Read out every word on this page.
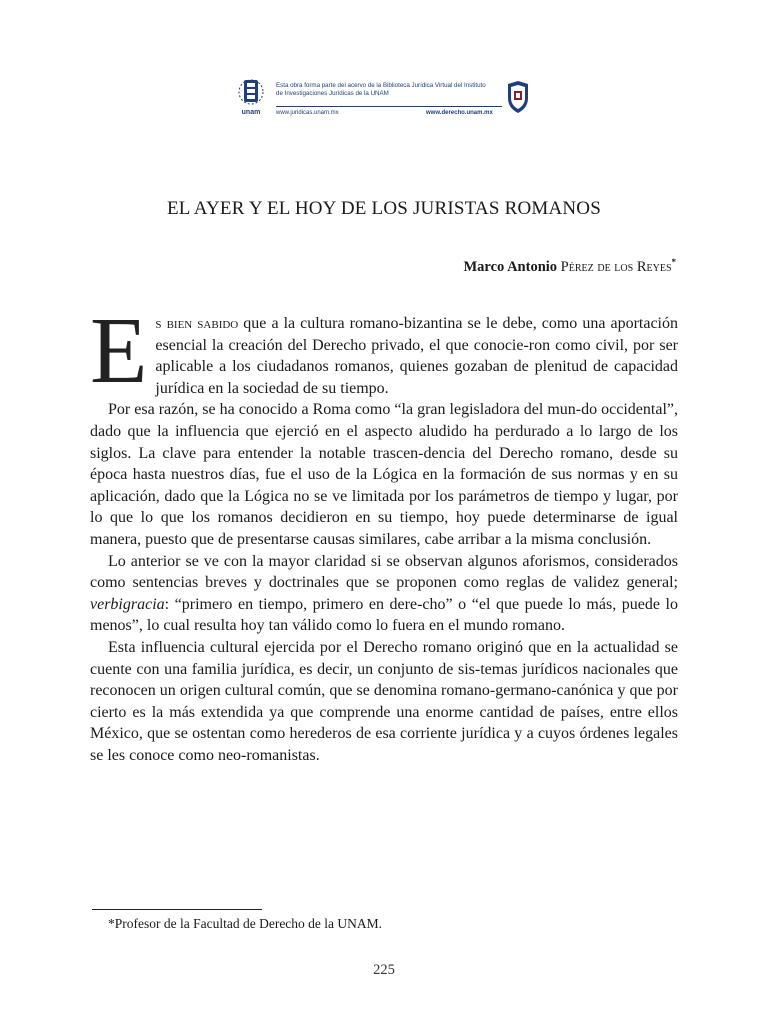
unam
Esta obra forma parte del acervo de la Biblioteca Jurídica Virtual del Instituto
de Investigaciones Jurídicas de la UNAM
www.juridicas.unam.mx	www.derecho.unam.mx
EL AYER Y EL HOY DE LOS JURISTAS ROMANOS
Marco Antonio Pérez de los Reyes*

Es bien sabido que a la cultura romano-bizantina se le debe, como una aportación esencial la creación del Derecho privado, el que conocie-ron como civil, por ser aplicable a los ciudadanos romanos, quienes gozaban de plenitud de capacidad jurídica en la sociedad de su tiempo.

Por esa razón, se ha conocido a Roma como “la gran legisladora del mun-do occidental”, dado que la influencia que ejerció en el aspecto aludido ha perdurado a lo largo de los siglos. La clave para entender la notable trascen-dencia del Derecho romano, desde su época hasta nuestros días, fue el uso de la Lógica en la formación de sus normas y en su aplicación, dado que la Lógica no se ve limitada por los parámetros de tiempo y lugar, por lo que lo que los romanos decidieron en su tiempo, hoy puede determinarse de igual manera, puesto que de presentarse causas similares, cabe arribar a la misma conclusión.

Lo anterior se ve con la mayor claridad si se observan algunos aforismos, considerados como sentencias breves y doctrinales que se proponen como reglas de validez general; verbigracia: “primero en tiempo, primero en dere-cho” o “el que puede lo más, puede lo menos”, lo cual resulta hoy tan válido como lo fuera en el mundo romano.

Esta influencia cultural ejercida por el Derecho romano originó que en la actualidad se cuente con una familia jurídica, es decir, un conjunto de sis-temas jurídicos nacionales que reconocen un origen cultural común, que se denomina romano-germano-canónica y que por cierto es la más extendida ya que comprende una enorme cantidad de países, entre ellos México, que se ostentan como herederos de esa corriente jurídica y a cuyos órdenes legales se les conoce como neo-romanistas.

*Profesor de la Facultad de Derecho de la UNAM.
225
